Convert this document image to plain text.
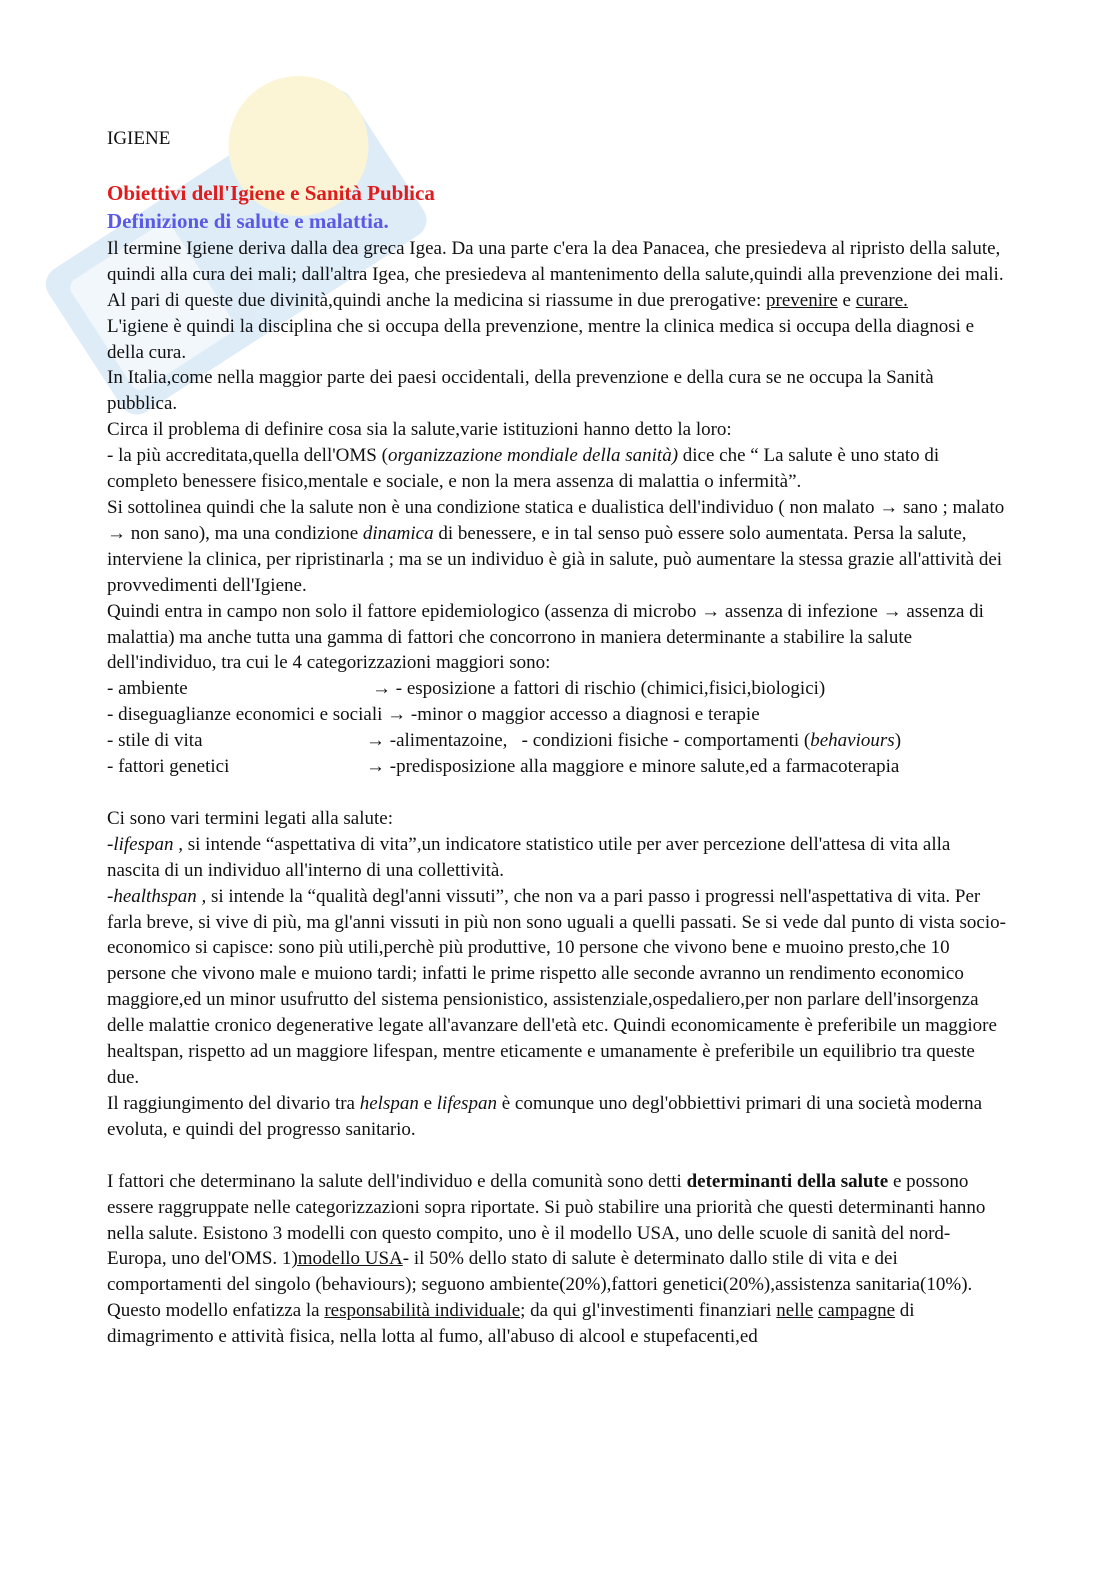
IGIENE

Obiettivi dell'Igiene e Sanità Publica
Definizione di salute e malattia.

Il termine Igiene deriva dalla dea greca Igea. Da una parte c'era la dea Panacea, che presiedeva al ripristo della salute, quindi alla cura dei mali; dall'altra Igea, che presiedeva al mantenimento della salute,quindi alla prevenzione dei mali. Al pari di queste due divinità,quindi anche la medicina si riassume in due prerogative: prevenire e curare.

L'igiene è quindi la disciplina che si occupa della prevenzione, mentre la clinica medica si occupa della diagnosi e della cura.

In Italia,come nella maggior parte dei paesi occidentali, della prevenzione e della cura se ne occupa la Sanità pubblica.

Circa il problema di definire cosa sia la salute,varie istituzioni hanno detto la loro:

- la più accreditata,quella dell'OMS (organizzazione mondiale della sanità) dice che “ La salute è uno stato di completo benessere fisico,mentale e sociale, e non la mera assenza di malattia o infermità”.

Si sottolinea quindi che la salute non è una condizione statica e dualistica dell'individuo ( non malato → sano ; malato → non sano), ma una condizione dinamica di benessere, e in tal senso può essere solo aumentata. Persa la salute, interviene la clinica, per ripristinarla ; ma se un individuo è già in salute, può aumentare la stessa grazie all'attività dei provvedimenti dell'Igiene.

Quindi entra in campo non solo il fattore epidemiologico (assenza di microbo → assenza di infezione → assenza di malattia) ma anche tutta una gamma di fattori che concorrono in maniera determinante a stabilire la salute dell'individuo, tra cui le 4 categorizzazioni maggiori sono:

- ambiente	→ - esposizione a fattori di rischio (chimici,fisici,biologici)
- diseguaglianze economici e sociali → -minor o maggior accesso a diagnosi e terapie
- stile di vita	→ -alimentazoine,   - condizioni fisiche - comportamenti (behaviours)
- fattori genetici	→ -predisposizione alla maggiore e minore salute,ed a farmacoterapia

Ci sono vari termini legati alla salute:

-lifespan , si intende “aspettativa di vita”,un indicatore statistico utile per aver percezione dell'attesa di vita alla nascita di un individuo all'interno di una collettività.

-healthspan , si intende la “qualità degl'anni vissuti”, che non va a pari passo i progressi nell'aspettativa di vita. Per farla breve, si vive di più, ma gl'anni vissuti in più non sono uguali a quelli passati. Se si vede dal punto di vista socio-economico si capisce: sono più utili,perchè più produttive, 10 persone che vivono bene e muoino presto,che 10 persone che vivono male e muiono tardi; infatti le prime rispetto alle seconde avranno un rendimento economico maggiore,ed un minor usufrutto del sistema pensionistico, assistenziale,ospedaliero,per non parlare dell'insorgenza delle malattie cronico degenerative legate all'avanzare dell'età etc. Quindi economicamente è preferibile un maggiore healtspan, rispetto ad un maggiore lifespan, mentre eticamente e umanamente è preferibile un equilibrio tra queste due.

Il raggiungimento del divario tra helspan e lifespan è comunque uno degl'obbiettivi primari di una società moderna evoluta, e quindi del progresso sanitario.

I fattori che determinano la salute dell'individuo e della comunità sono detti determinanti della salute e possono essere raggruppate nelle categorizzazioni sopra riportate. Si può stabilire una priorità che questi determinanti hanno nella salute. Esistono 3 modelli con questo compito, uno è il modello USA, uno delle scuole di sanità del nord-Europa, uno del'OMS. 1)modello USA- il 50% dello stato di salute è determinato dallo stile di vita e dei comportamenti del singolo (behaviours); seguono ambiente(20%),fattori genetici(20%),assistenza sanitaria(10%). Questo modello enfatizza la responsabilità individuale; da qui gl'investimenti finanziari nelle campagne di dimagrimento e attività fisica, nella lotta al fumo, all'abuso di alcool e stupefacenti,ed
